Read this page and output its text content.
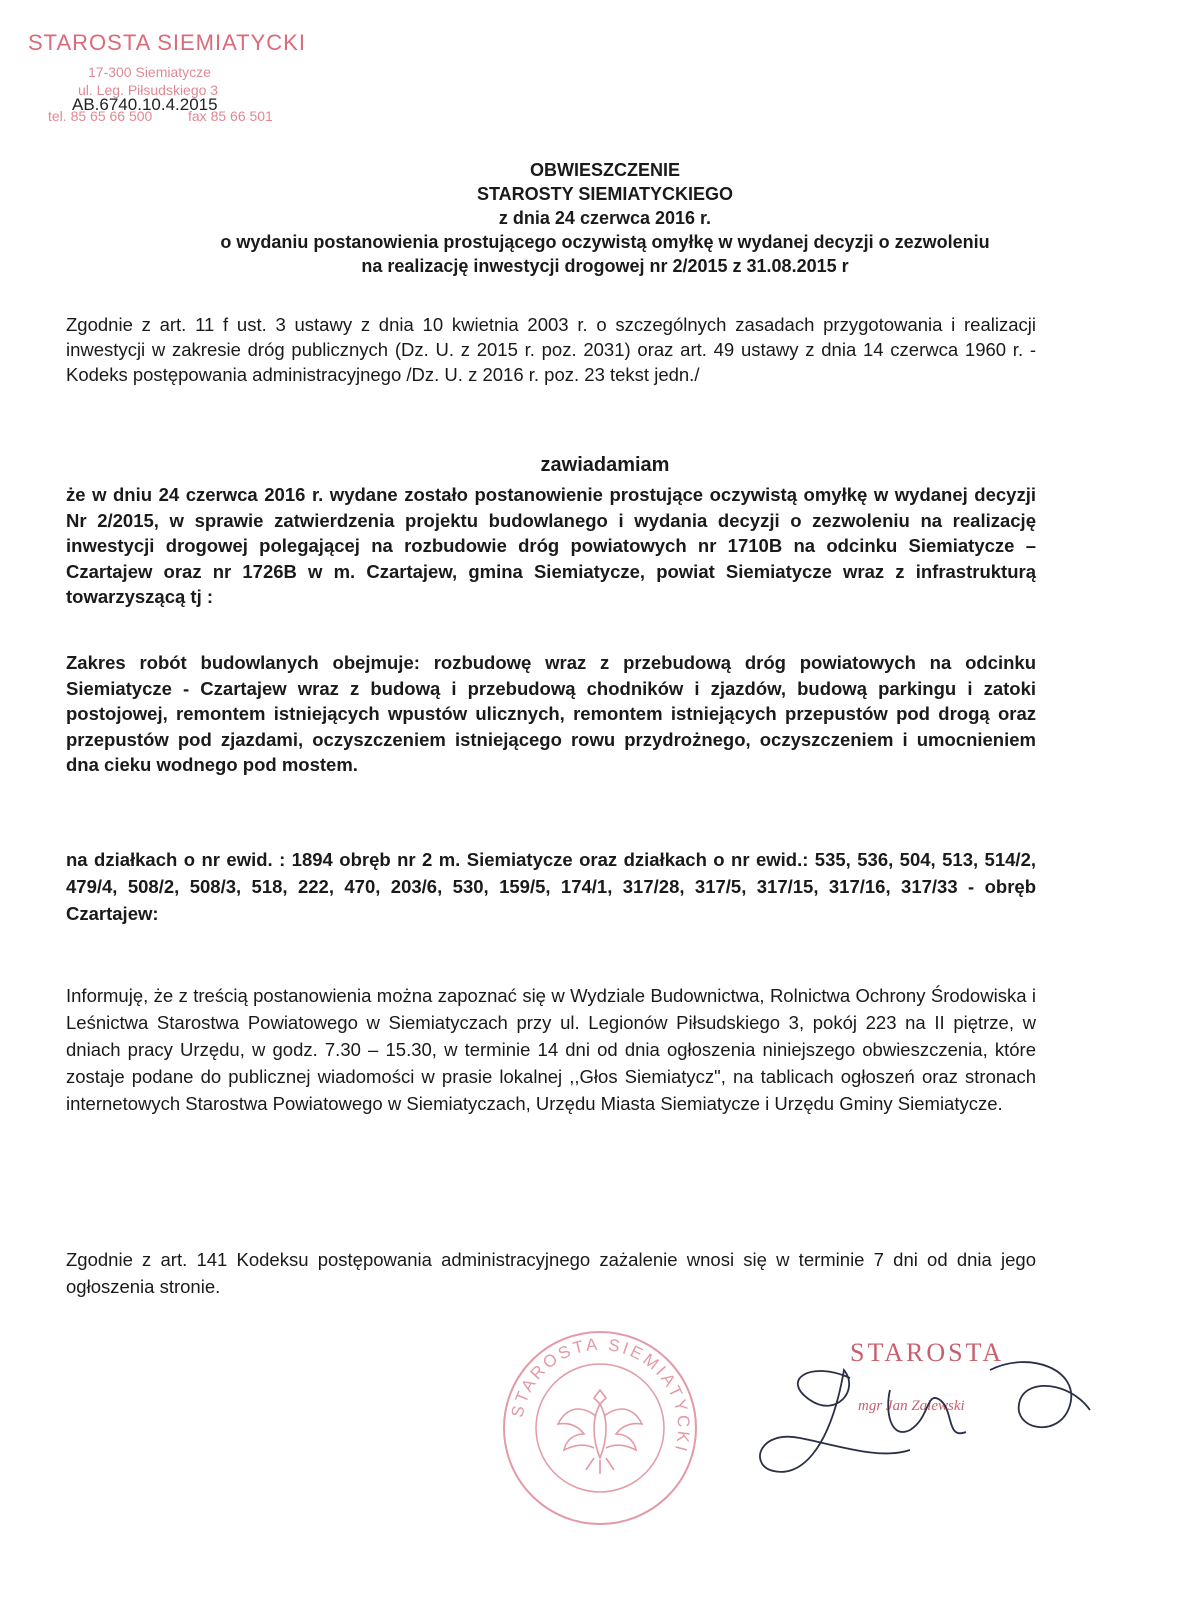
STAROSTA SIEMIATYCKI
17-300 Siemiatycze
ul. Leg. Piłsudskiego 3
tel. 85 65 66 500	fax 85 66 501
AB.6740.10.4.2015
OBWIESZCZENIE
STAROSTY SIEMIATYCKIEGO
z dnia 24 czerwca 2016 r.
o wydaniu postanowienia prostującego oczywistą omyłkę w wydanej decyzji o zezwoleniu
na realizację inwestycji drogowej nr 2/2015 z 31.08.2015 r
Zgodnie z art. 11 f ust. 3 ustawy z dnia 10 kwietnia 2003 r. o szczególnych zasadach przygotowania i realizacji inwestycji w zakresie dróg publicznych (Dz. U. z 2015 r. poz. 2031) oraz art. 49 ustawy z dnia 14 czerwca 1960 r. - Kodeks postępowania administracyjnego /Dz. U. z 2016 r. poz. 23 tekst jedn./
zawiadamiam
że w dniu 24 czerwca 2016 r. wydane zostało postanowienie prostujące oczywistą omyłkę w wydanej decyzji Nr 2/2015, w sprawie zatwierdzenia projektu budowlanego i wydania decyzji o zezwoleniu na realizację inwestycji drogowej polegającej na rozbudowie dróg powiatowych nr 1710B na odcinku Siemiatycze – Czartajew oraz nr 1726B w m. Czartajew, gmina Siemiatycze, powiat Siemiatycze wraz z infrastrukturą towarzyszącą tj :
Zakres robót budowlanych obejmuje: rozbudowę wraz z przebudową dróg powiatowych na odcinku Siemiatycze - Czartajew wraz z budową i przebudową chodników i zjazdów, budową parkingu i zatoki postojowej, remontem istniejących wpustów ulicznych, remontem istniejących przepustów pod drogą oraz przepustów pod zjazdami, oczyszczeniem istniejącego rowu przydrożnego, oczyszczeniem i umocnieniem dna cieku wodnego pod mostem.
na działkach o nr ewid. : 1894 obręb nr 2 m. Siemiatycze oraz działkach o nr ewid.: 535, 536, 504, 513, 514/2, 479/4, 508/2, 508/3, 518, 222, 470, 203/6, 530, 159/5, 174/1, 317/28, 317/5, 317/15, 317/16, 317/33 - obręb Czartajew:
Informuję, że z treścią postanowienia można zapoznać się w Wydziale Budownictwa, Rolnictwa Ochrony Środowiska i Leśnictwa Starostwa Powiatowego w Siemiatyczach przy ul. Legionów Piłsudskiego 3, pokój 223 na II piętrze, w dniach pracy Urzędu, w godz. 7.30 – 15.30, w terminie 14 dni od dnia ogłoszenia niniejszego obwieszczenia, które zostaje podane do publicznej wiadomości w prasie lokalnej ,,Głos Siemiatycz", na tablicach ogłoszeń oraz stronach internetowych Starostwa Powiatowego w Siemiatyczach, Urzędu Miasta Siemiatycze i Urzędu Gminy Siemiatycze.
Zgodnie z art. 141 Kodeksu postępowania administracyjnego zażalenie wnosi się w terminie 7 dni od dnia jego ogłoszenia stronie.
STAROSTA SIEMIATYCKI
STAROSTA
mgr Jan Zalewski
